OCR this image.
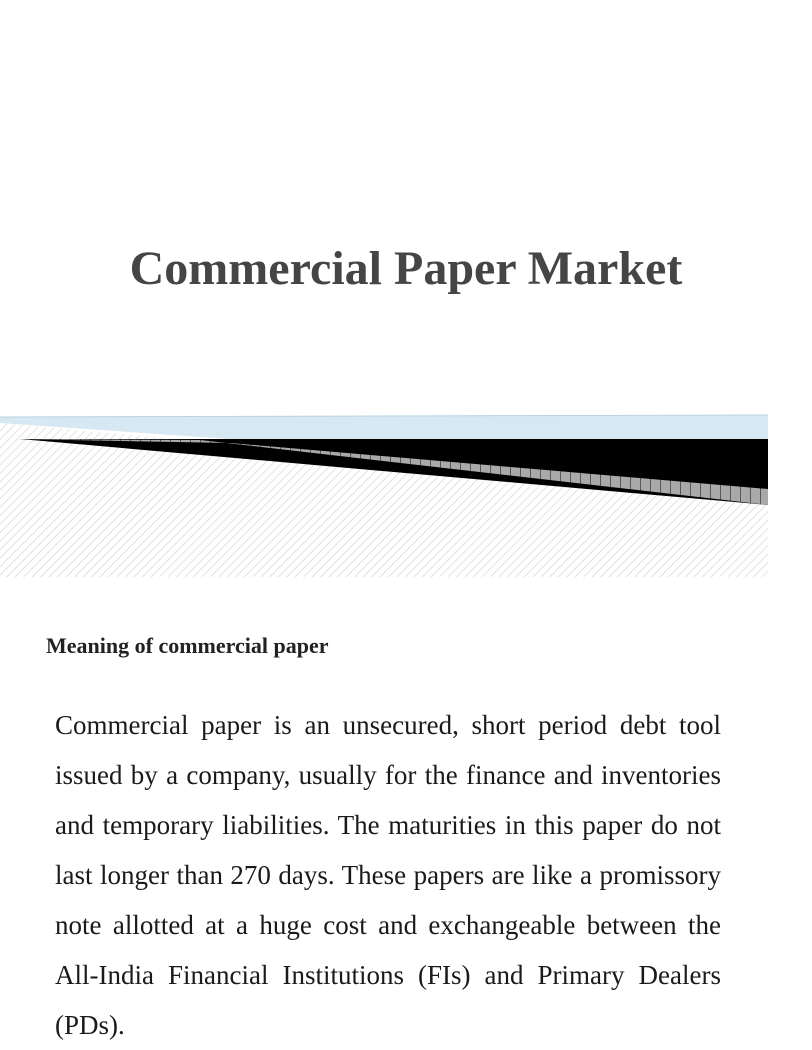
Commercial Paper Market
Meaning of commercial paper

Commercial paper is an unsecured, short period debt tool issued by a company, usually for the finance and inventories and temporary liabilities. The maturities in this paper do not last longer than 270 days. These papers are like a promissory note allotted at a huge cost and exchangeable between the All-India Financial Institutions (FIs) and Primary Dealers (PDs).
